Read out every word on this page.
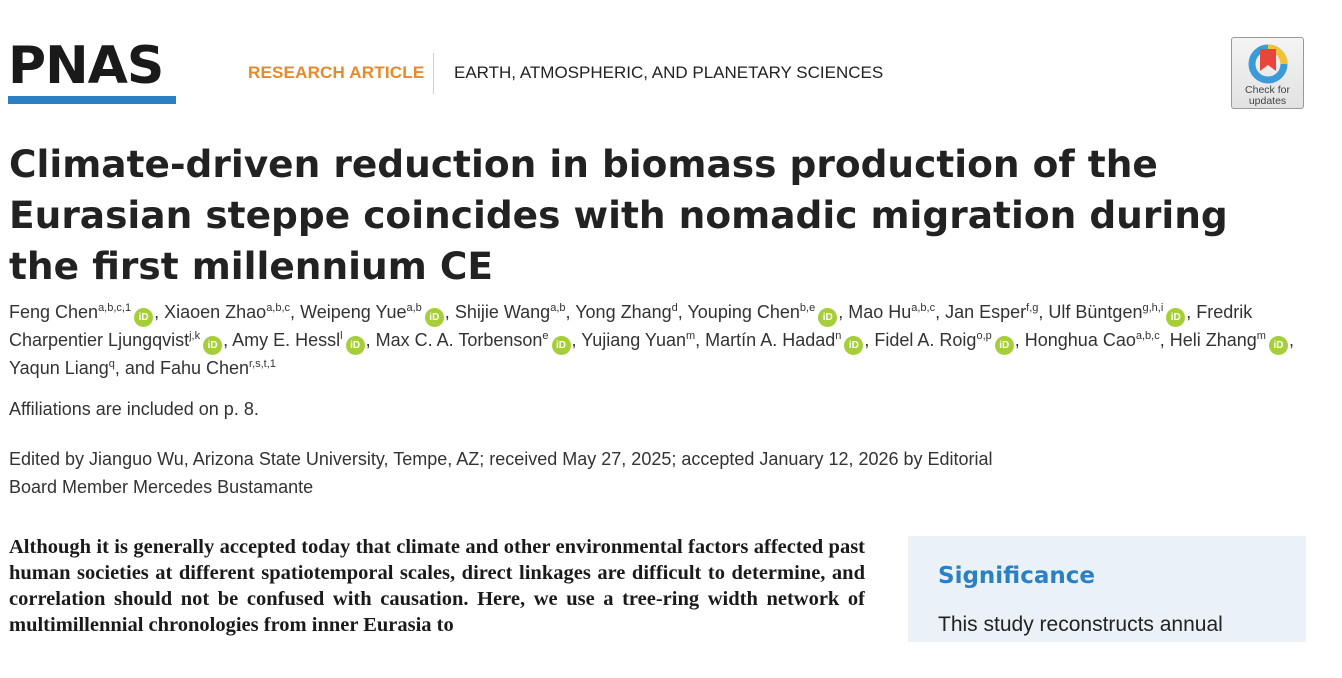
PNAS	RESEARCH ARTICLE EARTH, ATMOSPHERIC, AND PLANETARY SCIENCES
Check for
updates
Climate-driven reduction in biomass production of the Eurasian steppe coincides with nomadic migration during the first millennium CE
Feng Chen$^{a,b,c,1}$iD , Xiaoen Zhao$^{a,b,c}$, Weipeng Yue$^{a,b}$iD , Shijie Wang$^{a,b}$, Yong Zhang$^d$, Youping Chen$^{b,e}$iD , Mao Hu$^{a,b,c}$, Jan Esper$^{f,g}$, Ulf Büntgen$^{g,h,i}$iD , Fredrik Charpentier Ljungqvist$^{j,k}$iD , Amy E. Hessl$^l$iD , Max C. A. Torbenson$^e$iD , Yujiang Yuan$^m$, Martín A. Hadad$^n$iD , Fidel A. Roig$^{o,p}$iD , Honghua Cao$^{a,b,c}$, Heli Zhang$^m$iD , Yaqun Liang$^q$, and Fahu Chen$^{r,s,t,1}$
Affiliations are included on p. 8.
Edited by Jianguo Wu, Arizona State University, Tempe, AZ; received May 27, 2025; accepted January 12, 2026 by Editorial Board Member Mercedes Bustamante
Although it is generally accepted today that climate and other environmental factors affected past human societies at different spatiotemporal scales, direct linkages are difficult to determine, and correlation should not be confused with causation. Here, we use a tree-ring width network of multimillennial chronologies from inner Eurasia to
Significance
This study reconstructs annual
